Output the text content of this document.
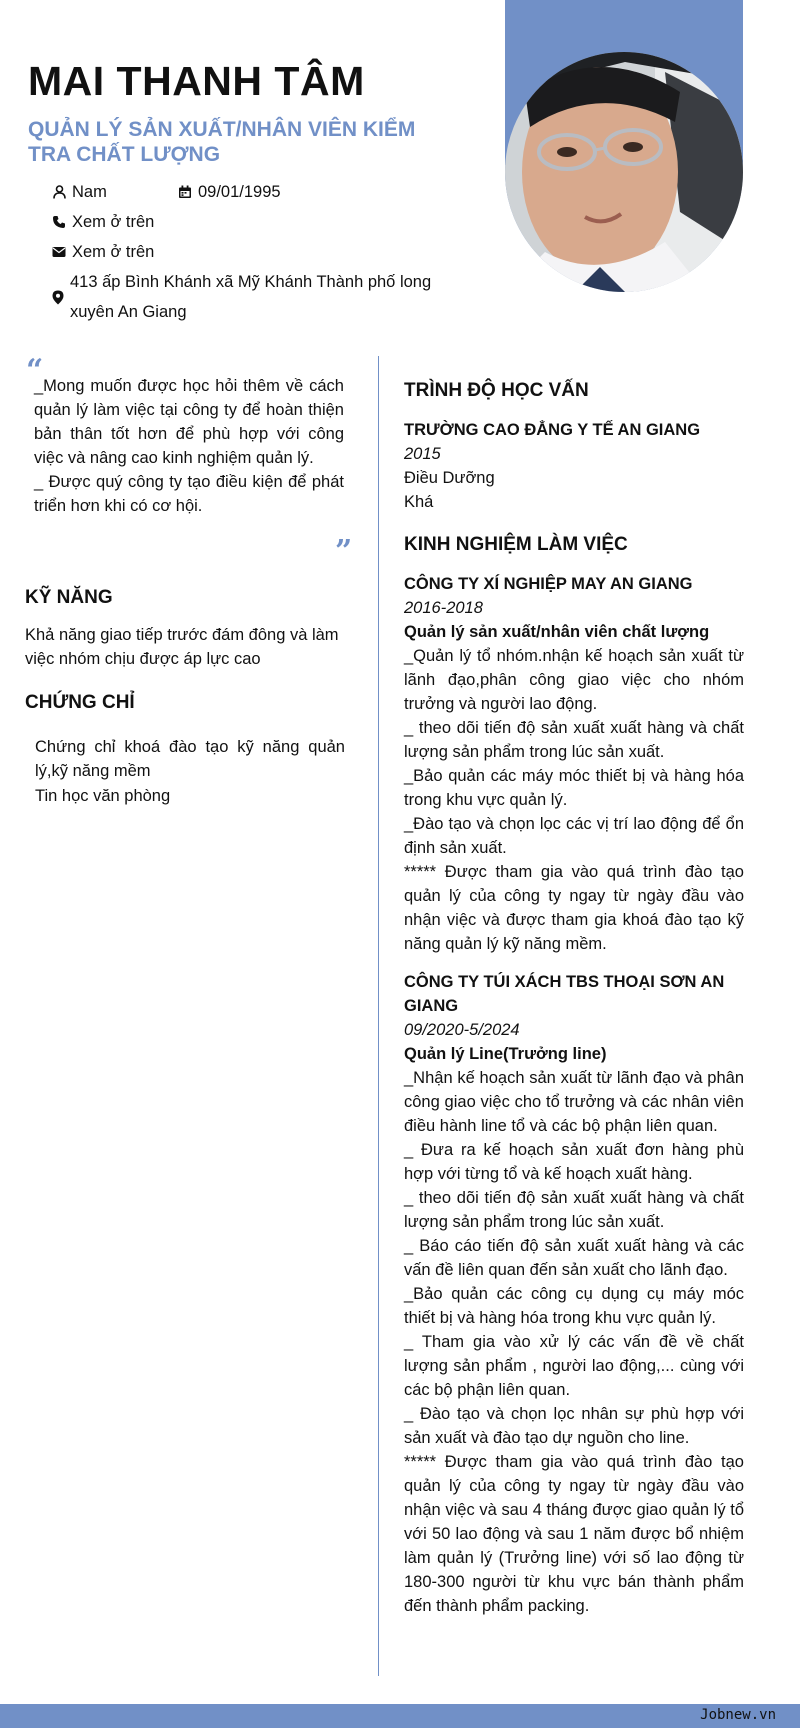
MAI THANH TÂM
QUẢN LÝ SẢN XUẤT/NHÂN VIÊN KIỂM TRA CHẤT LƯỢNG
Nam	09/01/1995
Xem ở trên
Xem ở trên
413 ấp Bình Khánh xã Mỹ Khánh Thành phố long xuyên An Giang
“
_Mong muốn được học hỏi thêm về cách quản lý làm việc tại công ty để hoàn thiện bản thân tốt hơn để phù hợp với công việc và nâng cao kinh nghiệm quản lý.
_ Được quý công ty tạo điều kiện để phát triển hơn khi có cơ hội.
”
KỸ NĂNG
Khả năng giao tiếp trước đám đông và làm việc nhóm chịu được áp lực cao
CHỨNG CHỈ
Chứng chỉ khoá đào tạo kỹ năng quản lý,kỹ năng mềm
Tin học văn phòng
TRÌNH ĐỘ HỌC VẤN
TRƯỜNG CAO ĐẲNG Y TẾ AN GIANG
2015
Điều Dưỡng
Khá
KINH NGHIỆM LÀM VIỆC
CÔNG TY XÍ NGHIỆP MAY AN GIANG
2016-2018
Quản lý sản xuất/nhân viên chất lượng
_Quản lý tổ nhóm.nhận kế hoạch sản xuất từ lãnh đạo,phân công giao việc cho nhóm trưởng và người lao động.
_ theo dõi tiến độ sản xuất xuất hàng và chất lượng sản phẩm trong lúc sản xuất.
_Bảo quản các máy móc thiết bị và hàng hóa trong khu vực quản lý.
_Đào tạo và chọn lọc các vị trí lao động để ổn định sản xuất.
***** Được tham gia vào quá trình đào tạo quản lý của công ty ngay từ ngày đầu vào nhận việc và được tham gia khoá đào tạo kỹ năng quản lý kỹ năng mềm.
CÔNG TY TÚI XÁCH TBS THOẠI SƠN AN GIANG
09/2020-5/2024
Quản lý Line(Trưởng line)
_Nhận kế hoạch sản xuất từ lãnh đạo và phân công giao việc cho tổ trưởng và các nhân viên điều hành line tổ và các bộ phận liên quan.
_ Đưa ra kế hoạch sản xuất đơn hàng phù hợp với từng tổ và kế hoạch xuất hàng.
_ theo dõi tiến độ sản xuất xuất hàng và chất lượng sản phẩm trong lúc sản xuất.
_ Báo cáo tiến độ sản xuất xuất hàng và các vấn đề liên quan đến sản xuất cho lãnh đạo.
_Bảo quản các công cụ dụng cụ máy móc thiết bị và hàng hóa trong khu vực quản lý.
_ Tham gia vào xử lý các vấn đề về chất lượng sản phẩm , người lao động,... cùng với các bộ phận liên quan.
_ Đào tạo và chọn lọc nhân sự phù hợp với sản xuất và đào tạo dự nguồn cho line.
***** Được tham gia vào quá trình đào tạo quản lý của công ty ngay từ ngày đầu vào nhận việc và sau 4 tháng được giao quản lý tổ với 50 lao động và sau 1 năm được bổ nhiệm làm quản lý (Trưởng line) với số lao động từ 180-300 người từ khu vực bán thành phẩm đến thành phẩm packing.
Jobnew.vn
